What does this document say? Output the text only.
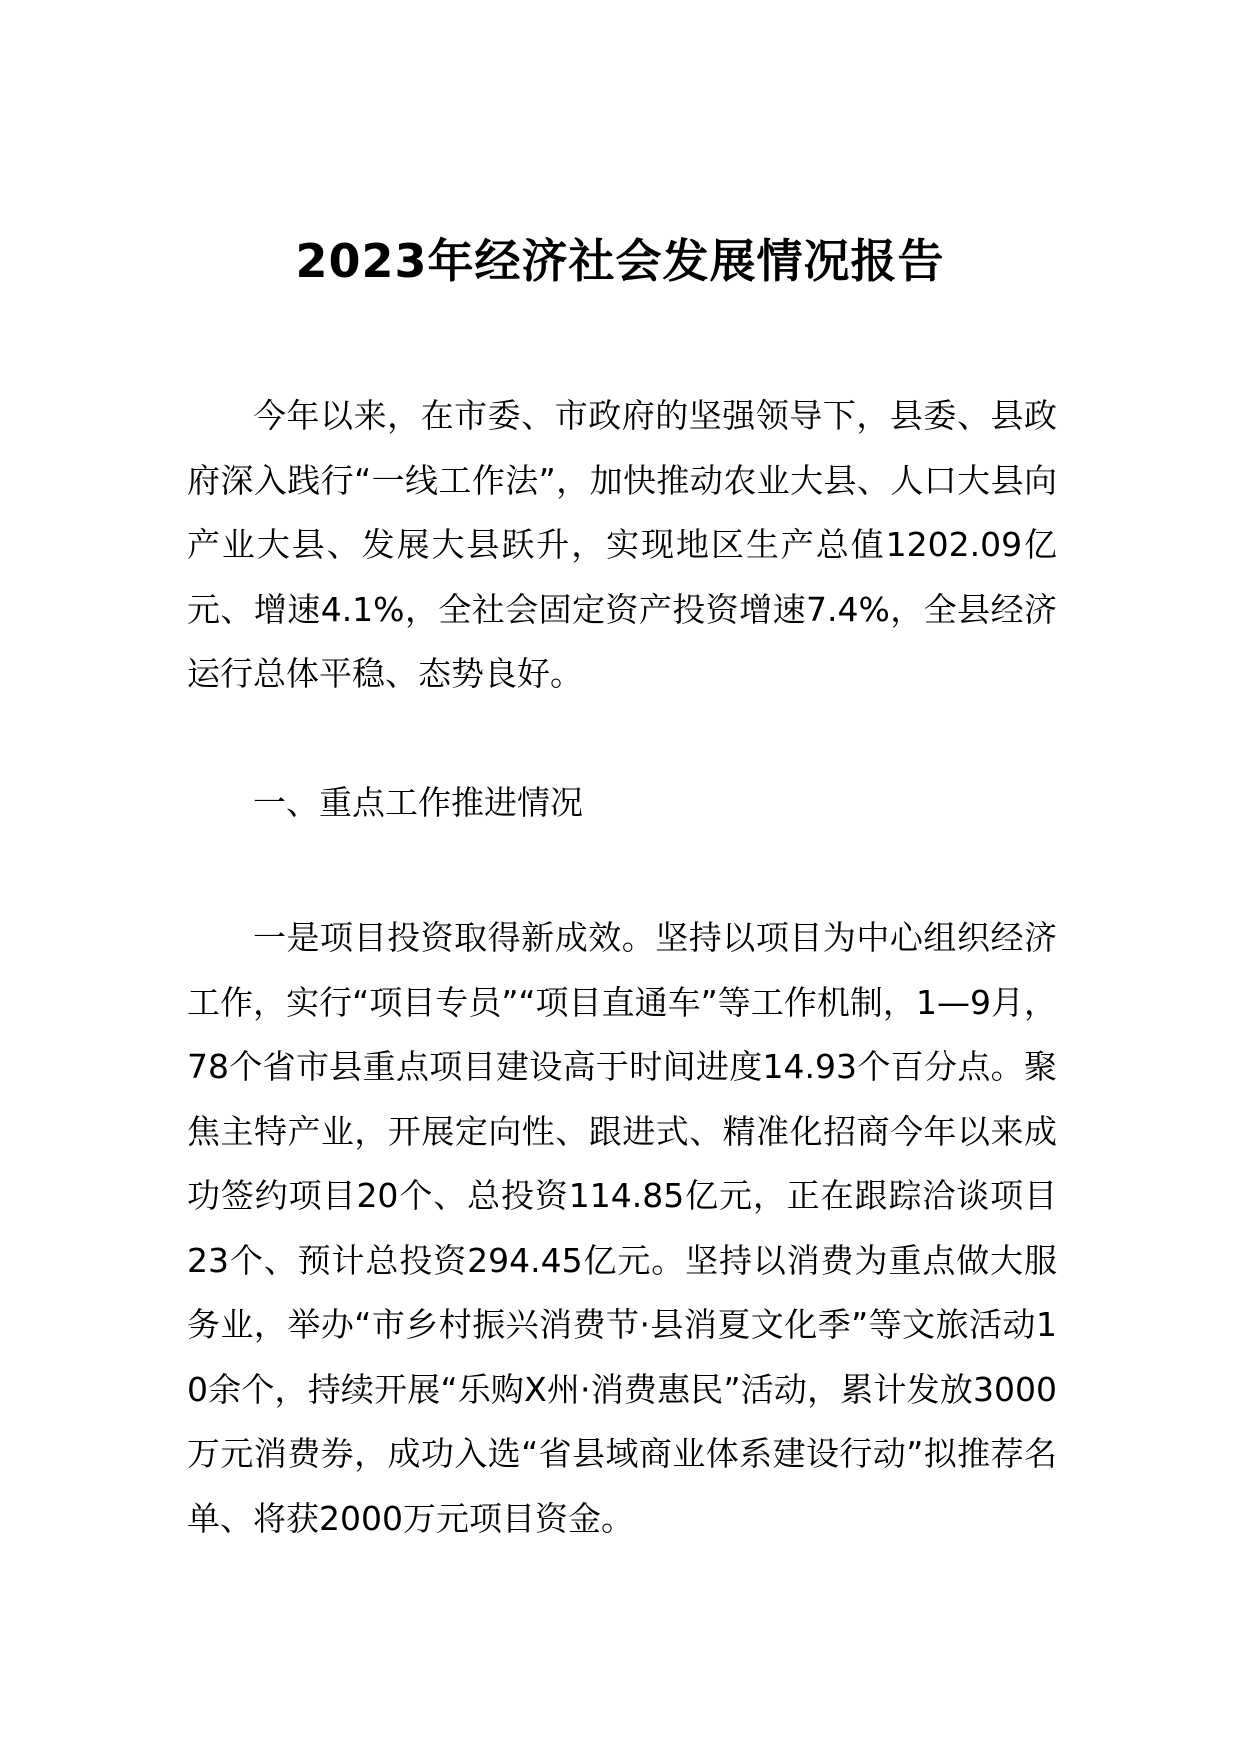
2023年经济社会发展情况报告

今年以来，在市委、市政府的坚强领导下，县委、县政府深入践行“一线工作法”，加快推动农业大县、人口大县向产业大县、发展大县跃升，实现地区生产总值1202.09亿元、增速4.1%，全社会固定资产投资增速7.4%，全县经济运行总体平稳、态势良好。

一、重点工作推进情况

一是项目投资取得新成效。坚持以项目为中心组织经济工作，实行“项目专员”“项目直通车”等工作机制，1—9月，78个省市县重点项目建设高于时间进度14.93个百分点。聚焦主特产业，开展定向性、跟进式、精准化招商今年以来成功签约项目20个、总投资114.85亿元，正在跟踪洽谈项目23个、预计总投资294.45亿元。坚持以消费为重点做大服务业，举办“市乡村振兴消费节·县消夏文化季”等文旅活动10余个，持续开展“乐购X州·消费惠民”活动，累计发放3000万元消费券，成功入选“省县域商业体系建设行动”拟推荐名单、将获2000万元项目资金。
